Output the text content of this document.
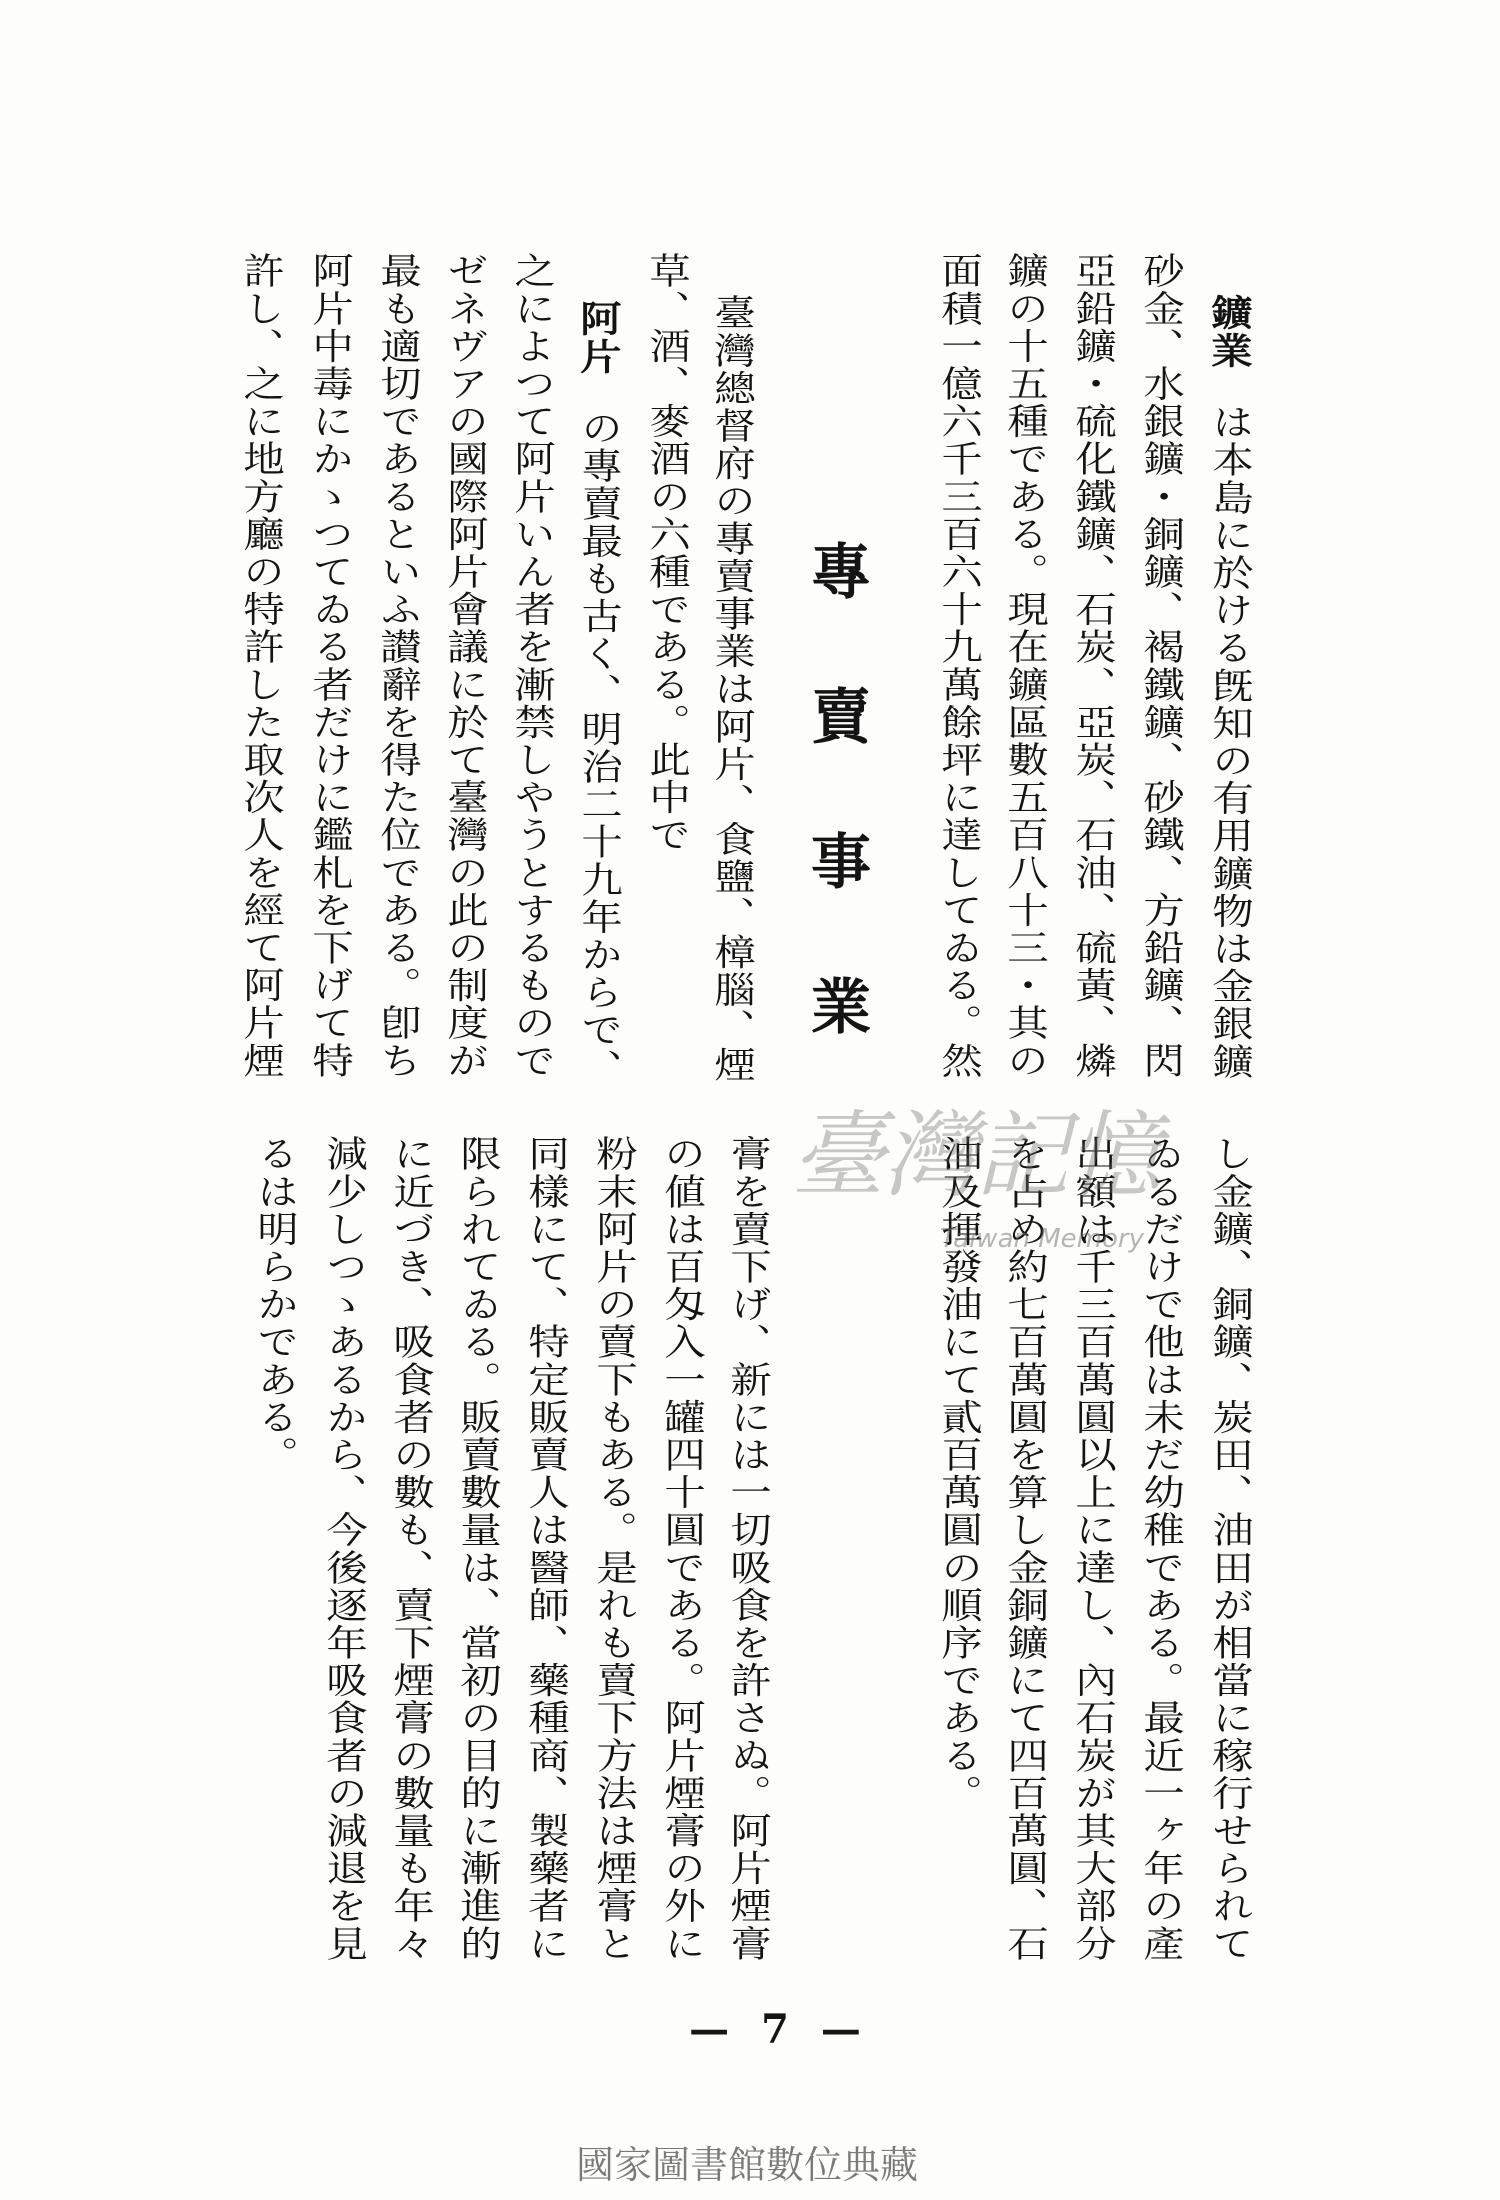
鑛業は本島に於ける旣知の有用鑛物は金銀鑛
砂金、水銀鑛・銅鑛、褐鐵鑛、砂鐵、方鉛鑛、閃
亞鉛鑛・硫化鐵鑛、石炭、亞炭、石油、硫黃、燐
鑛の十五種である。現在鑛區數五百八十三・其の
面積一億六千三百六十九萬餘坪に達してゐる。然
專賣事業
臺灣總督府の專賣事業は阿片、食鹽、樟腦、煙
草、酒、麥酒の六種である。此中で
阿片の專賣最も古く、明治二十九年からで、
之によつて阿片いん者を漸禁しやうとするもので
ゼネヴアの國際阿片會議に於て臺灣の此の制度が
最も適切であるといふ讃辭を得た位である。卽ち
阿片中毒にかゝつてゐる者だけに鑑札を下げて特
許し、之に地方廳の特許した取次人を經て阿片煙
し金鑛、銅鑛、炭田、油田が相當に稼行せられて
ゐるだけで他は未だ幼稚である。最近一ヶ年の產
出額は千三百萬圓以上に達し、內石炭が其大部分
を占め約七百萬圓を算し金銅鑛にて四百萬圓、石
油及揮發油にて貳百萬圓の順序である。
膏を賣下げ、新には一切吸食を許さぬ。阿片煙膏
の値は百匁入一罐四十圓である。阿片煙膏の外に
粉末阿片の賣下もある。是れも賣下方法は煙膏と
同樣にて、特定販賣人は醫師、藥種商、製藥者に
限られてゐる。販賣數量は、當初の目的に漸進的
に近づき、吸食者の數も、賣下煙膏の數量も年々
減少しつゝあるから、今後逐年吸食者の減退を見
るは明らかである。	臺灣記憶
Taiwan Memory
— 7 —
國家圖書館數位典藏
